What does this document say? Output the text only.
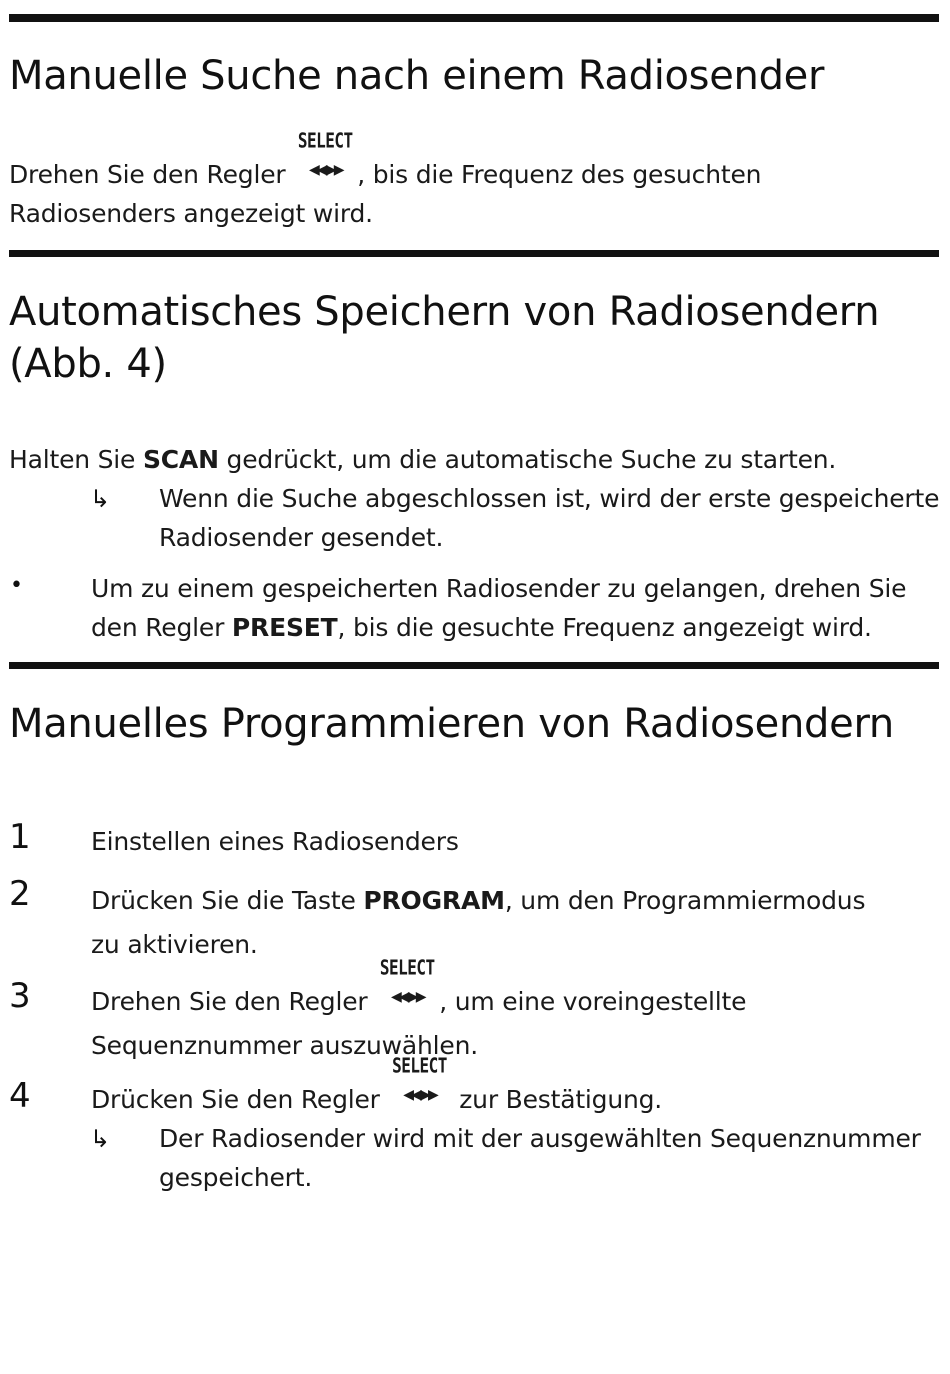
Manuelle Suche nach einem Radiosender
Drehen Sie den Regler
SELECT
◀◀ ▶▶ , bis die Frequenz des gesuchten
Radiosenders angezeigt wird.
Automatisches Speichern von Radiosendern
(Abb. 4)
Halten Sie SCAN gedrückt, um die automatische Suche zu starten.
↳ Wenn die Suche abgeschlossen ist, wird der erste gespeicherte
Radiosender gesendet.
•	Um zu einem gespeicherten Radiosender zu gelangen, drehen Sie
den Regler PRESET, bis die gesuchte Frequenz angezeigt wird.
Manuelles Programmieren von Radiosendern
1 Einstellen eines Radiosenders
2 Drücken Sie die Taste PROGRAM, um den Programmiermodus
zu aktivieren.
3 Drehen Sie den Regler
SELECT
◀◀ ▶▶ , um eine voreingestellte
Sequenznummer auszuwählen.
4 Drücken Sie den Regler
SELECT
◀◀ ▶▶ zur Bestätigung.
↳ Der Radiosender wird mit der ausgewählten Sequenznummer
gespeichert.
